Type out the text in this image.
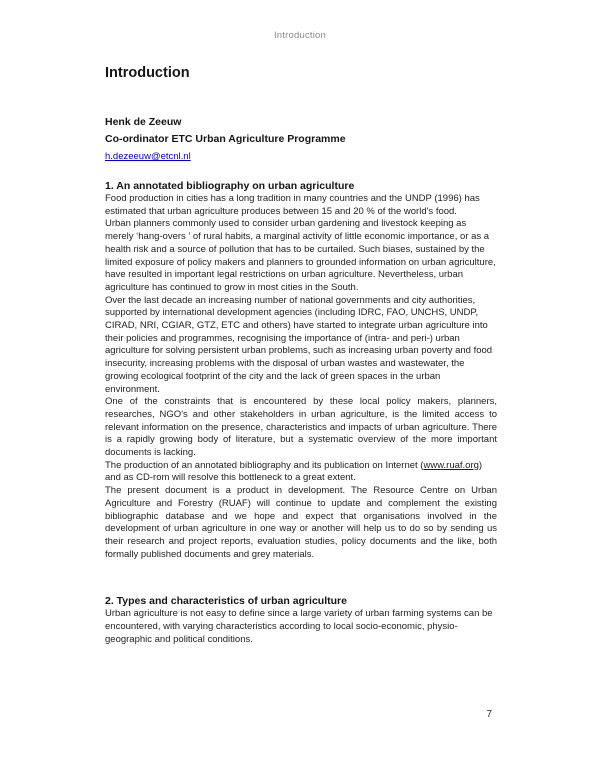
Introduction
Introduction
Henk de Zeeuw
Co-ordinator ETC Urban Agriculture Programme
h.dezeeuw@etcnl.nl
1. An annotated bibliography on urban agriculture

Food production in cities has a long tradition in many countries and the UNDP (1996) has estimated that urban agriculture produces between 15 and 20 % of the world's food.

Urban planners commonly used to consider urban gardening and livestock keeping as merely ‘hang-overs ’ of rural habits, a marginal activity of little economic importance, or as a health risk and a source of pollution that has to be curtailed. Such biases, sustained by the limited exposure of policy makers and planners to grounded information on urban agriculture, have resulted in important legal restrictions on urban agriculture. Nevertheless, urban agriculture has continued to grow in most cities in the South.

Over the last decade an increasing number of national governments and city authorities, supported by international development agencies (including IDRC, FAO, UNCHS, UNDP, CIRAD, NRI, CGIAR, GTZ, ETC and others) have started to integrate urban agriculture into their policies and programmes, recognising the importance of (intra- and peri-) urban agriculture for solving persistent urban problems, such as increasing urban poverty and food insecurity, increasing problems with the disposal of urban wastes and wastewater, the growing ecological footprint of the city and the lack of green spaces in the urban environment.

One of the constraints that is encountered by these local policy makers, planners, researches, NGO's and other stakeholders in urban agriculture, is the limited access to relevant information on the presence, characteristics and impacts of urban agriculture. There is a rapidly growing body of literature, but a systematic overview of the more important documents is lacking.

The production of an annotated bibliography and its publication on Internet (www.ruaf.org) and as CD-rom will resolve this bottleneck to a great extent.

The present document is a product in development. The Resource Centre on Urban Agriculture and Forestry (RUAF) will continue to update and complement the existing bibliographic database and we hope and expect that organisations involved in the development of urban agriculture in one way or another will help us to do so by sending us their research and project reports, evaluation studies, policy documents and the like, both formally published documents and grey materials.

2. Types and characteristics of urban agriculture

Urban agriculture is not easy to define since a large variety of urban farming systems can be encountered, with varying characteristics according to local socio-economic, physio-geographic and political conditions.

7
